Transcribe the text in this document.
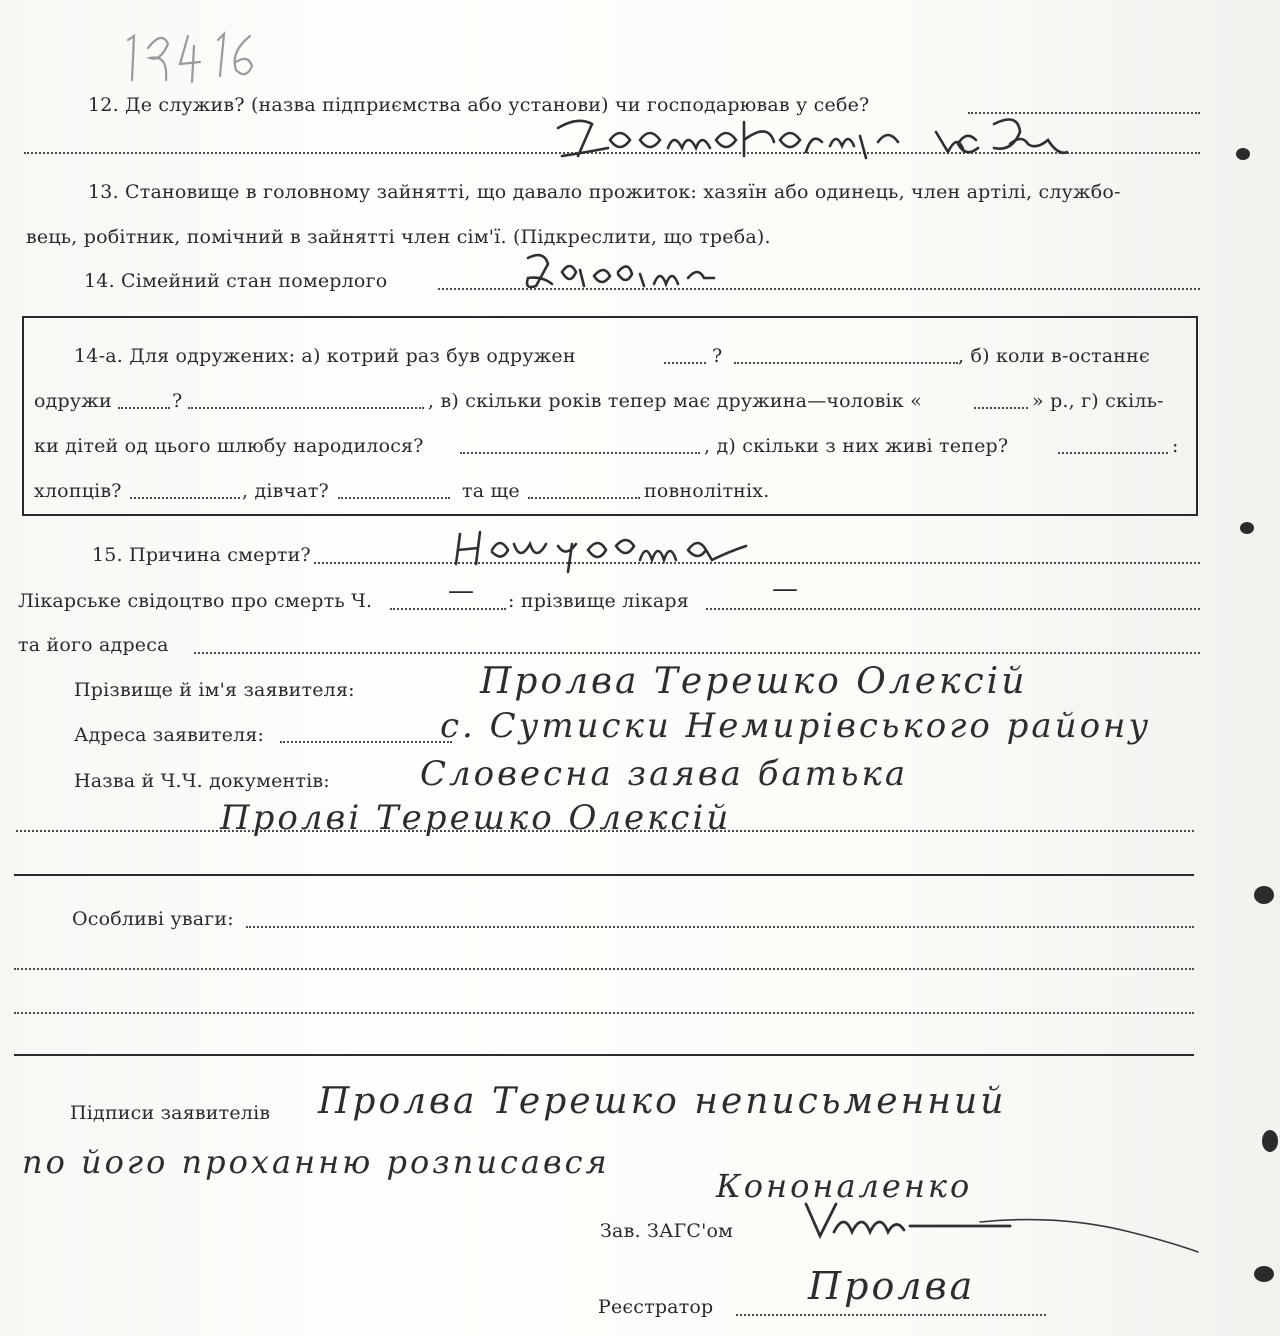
12. Де служив? (назва підприємства або установи) чи господарював у себе?
13. Становище в головному зайнятті, що давало прожиток: хазяїн або одинець, член артілі, службо-
вець, робітник, помічний в зайнятті член сім'ї. (Підкреслити, що треба).
14. Сімейний стан померлого
14-а. Для одружених: а) котрий раз був одружен	?	, б) коли в-останнє
одружи	?	, в) скільки років тепер має дружина—чоловік «	» р., г) скіль-
ки дітей од цього шлюбу народилося?	, д) скільки з них живі тепер?	:
хлопців?	, дівчат?	та ще	повнолітніх.
15. Причина смерти?
Лікарське свідоцтво про смерть Ч.	— : прізвище лікаря	—
та його адреса
Прізвище й ім'я заявителя:	Пролва Терешко Олексій
Адреса заявителя:	с. Сутиски Немирівського району
Назва й Ч.Ч. документів:	Словесна заява батька
Пролві Терешко Олексій
Особливі уваги:
Підписи заявителів Пролва Терешко неписьменний
по його проханню розписався
Кононаленко
Зав. ЗАГС'ом
Реєстратор Пролва
